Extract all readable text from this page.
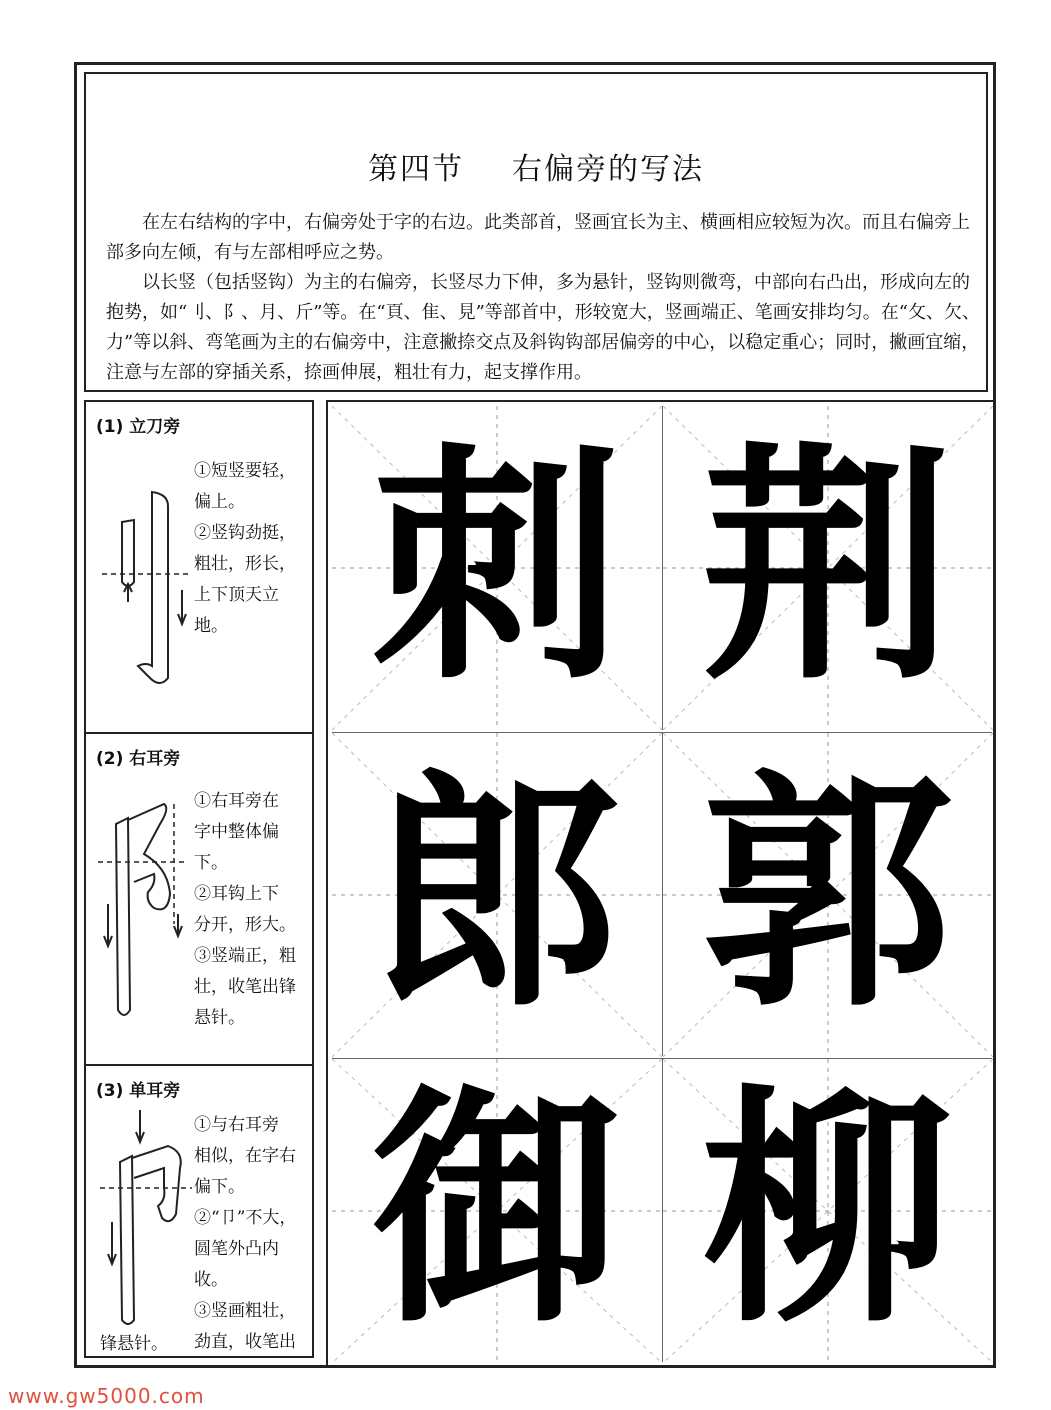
第四节 右偏旁的写法

在左右结构的字中，右偏旁处于字的右边。此类部首，竖画宜长为主、横画相应较短为次。而且右偏旁上部多向左倾，有与左部相呼应之势。

以长竖（包括竖钩）为主的右偏旁，长竖尽力下伸，多为悬针，竖钩则微弯，中部向右凸出，形成向左的抱势，如“刂、阝、月、斤”等。在“頁、隹、見”等部首中，形较宽大，竖画端正、笔画安排均匀。在“攵、欠、力”等以斜、弯笔画为主的右偏旁中，注意撇捺交点及斜钩钩部居偏旁的中心，以稳定重心；同时，撇画宜缩，注意与左部的穿插关系，捺画伸展，粗壮有力，起支撑作用。

(1) 立刀旁
①短竖要轻，
偏上。
②竖钩劲挺，
粗壮，形长，
上下顶天立
地。
(2) 右耳旁
①右耳旁在
字中整体偏
下。
②耳钩上下
分开，形大。
③竖端正，粗
壮，收笔出锋
悬针。
(3) 单耳旁
①与右耳旁
相似，在字右
偏下。
②“卩”不大，
圆笔外凸内
收。
③竖画粗壮，
劲直，收笔出
锋悬针。
刺 荆
郎 郭
御 柳
www.gw5000.com
